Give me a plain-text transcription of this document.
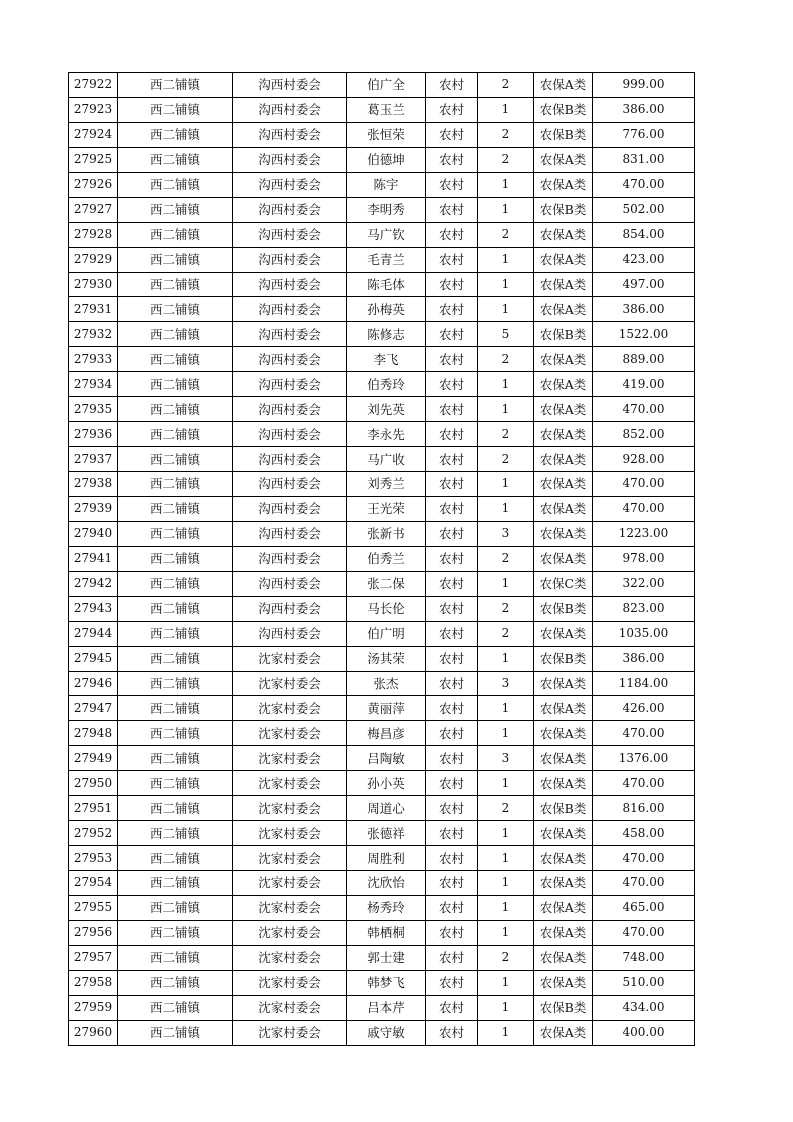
27922	西二铺镇	沟西村委会	伯广全	农村	2	农保A类	999.00
27923	西二铺镇	沟西村委会	葛玉兰	农村	1	农保B类	386.00
27924	西二铺镇	沟西村委会	张恒荣	农村	2	农保B类	776.00
27925	西二铺镇	沟西村委会	伯德坤	农村	2	农保A类	831.00
27926	西二铺镇	沟西村委会	陈宇	农村	1	农保A类	470.00
27927	西二铺镇	沟西村委会	李明秀	农村	1	农保B类	502.00
27928	西二铺镇	沟西村委会	马广钦	农村	2	农保A类	854.00
27929	西二铺镇	沟西村委会	毛青兰	农村	1	农保A类	423.00
27930	西二铺镇	沟西村委会	陈毛体	农村	1	农保A类	497.00
27931	西二铺镇	沟西村委会	孙梅英	农村	1	农保A类	386.00
27932	西二铺镇	沟西村委会	陈修志	农村	5	农保B类	1522.00
27933	西二铺镇	沟西村委会	李飞	农村	2	农保A类	889.00
27934	西二铺镇	沟西村委会	伯秀玲	农村	1	农保A类	419.00
27935	西二铺镇	沟西村委会	刘先英	农村	1	农保A类	470.00
27936	西二铺镇	沟西村委会	李永先	农村	2	农保A类	852.00
27937	西二铺镇	沟西村委会	马广收	农村	2	农保A类	928.00
27938	西二铺镇	沟西村委会	刘秀兰	农村	1	农保A类	470.00
27939	西二铺镇	沟西村委会	王光荣	农村	1	农保A类	470.00
27940	西二铺镇	沟西村委会	张新书	农村	3	农保A类	1223.00
27941	西二铺镇	沟西村委会	伯秀兰	农村	2	农保A类	978.00
27942	西二铺镇	沟西村委会	张二保	农村	1	农保C类	322.00
27943	西二铺镇	沟西村委会	马长伦	农村	2	农保B类	823.00
27944	西二铺镇	沟西村委会	伯广明	农村	2	农保A类	1035.00
27945	西二铺镇	沈家村委会	汤其荣	农村	1	农保B类	386.00
27946	西二铺镇	沈家村委会	张杰	农村	3	农保A类	1184.00
27947	西二铺镇	沈家村委会	黄丽萍	农村	1	农保A类	426.00
27948	西二铺镇	沈家村委会	梅昌彦	农村	1	农保A类	470.00
27949	西二铺镇	沈家村委会	吕陶敏	农村	3	农保A类	1376.00
27950	西二铺镇	沈家村委会	孙小英	农村	1	农保A类	470.00
27951	西二铺镇	沈家村委会	周道心	农村	2	农保B类	816.00
27952	西二铺镇	沈家村委会	张德祥	农村	1	农保A类	458.00
27953	西二铺镇	沈家村委会	周胜利	农村	1	农保A类	470.00
27954	西二铺镇	沈家村委会	沈欣怡	农村	1	农保A类	470.00
27955	西二铺镇	沈家村委会	杨秀玲	农村	1	农保A类	465.00
27956	西二铺镇	沈家村委会	韩栖桐	农村	1	农保A类	470.00
27957	西二铺镇	沈家村委会	郭士建	农村	2	农保A类	748.00
27958	西二铺镇	沈家村委会	韩梦飞	农村	1	农保A类	510.00
27959	西二铺镇	沈家村委会	吕本芹	农村	1	农保B类	434.00
27960	西二铺镇	沈家村委会	戚守敏	农村	1	农保A类	400.00
